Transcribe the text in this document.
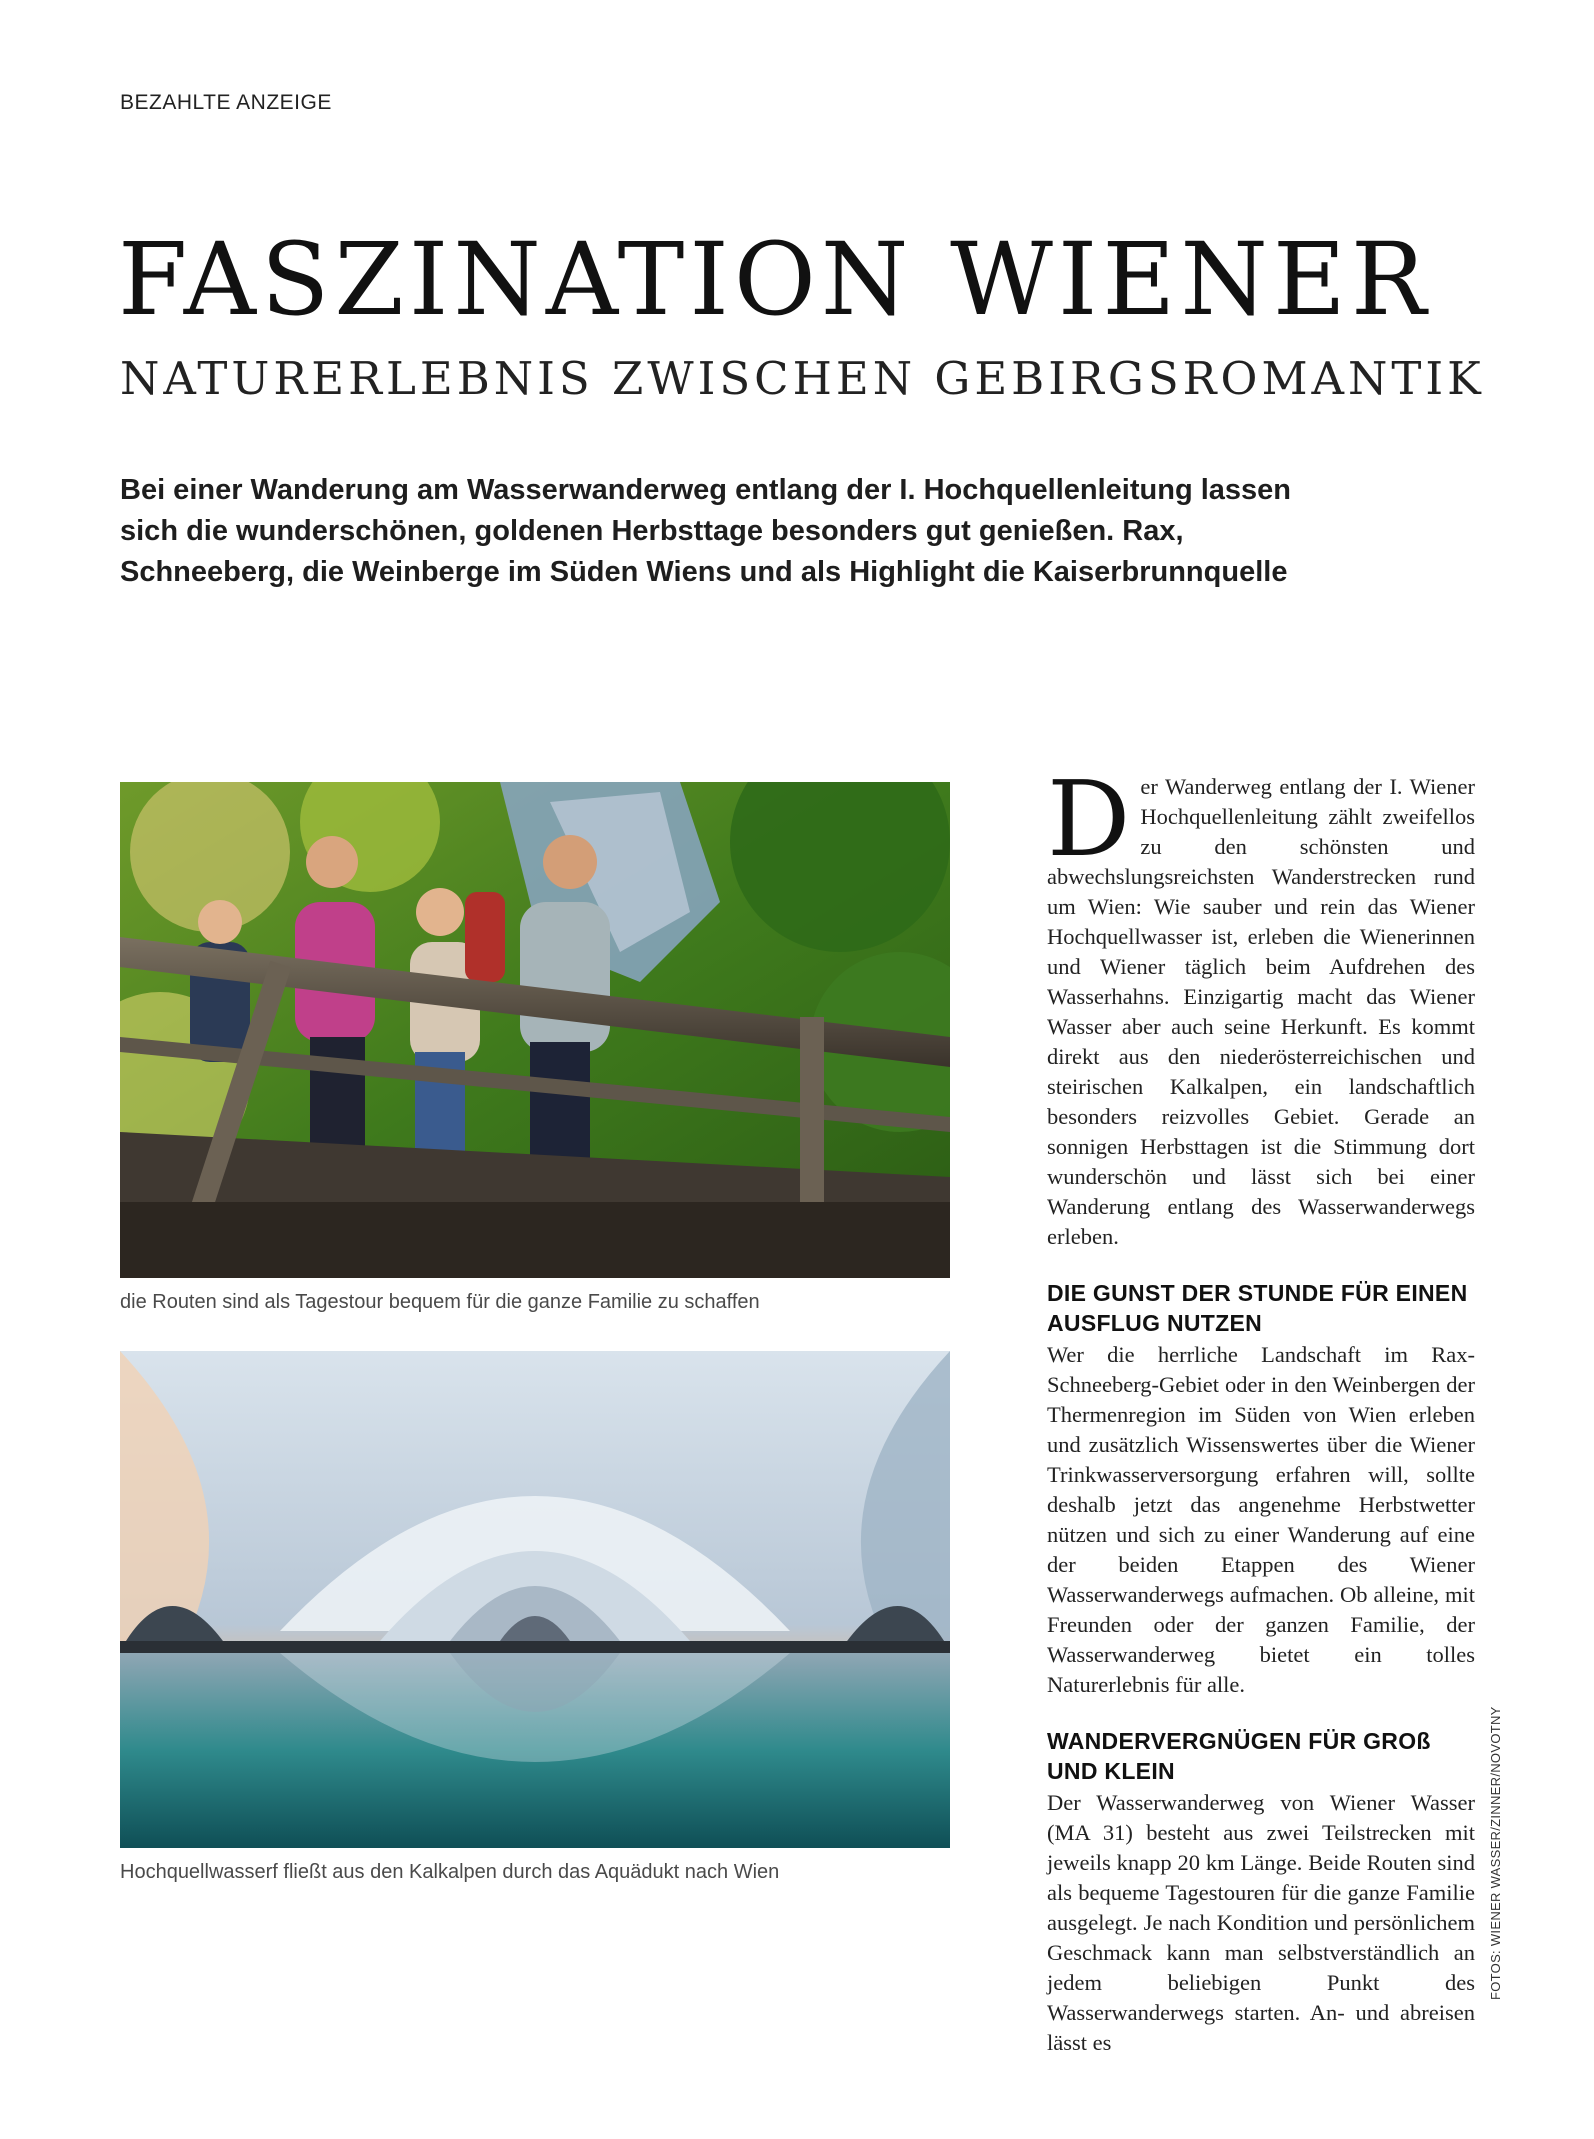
BEZAHLTE ANZEIGE
FASZINATION WIENER
NATURERLEBNIS ZWISCHEN GEBIRGSROMANTIK

Bei einer Wanderung am Wasserwanderweg entlang der I. Hochquellenleitung lassen sich die wunderschönen, goldenen Herbsttage besonders gut genießen. Rax, Schneeberg, die Weinberge im Süden Wiens und als Highlight die Kaiserbrunnquelle

die Routen sind als Tagestour bequem für die ganze Familie zu schaffen

Hochquellwasserf fließt aus den Kalkalpen durch das Aquädukt nach Wien

Der Wanderweg entlang der I. Wiener Hochquellenleitung zählt zweifellos zu den schönsten und abwechslungsreichsten Wanderstrecken rund um Wien: Wie sauber und rein das Wiener Hochquellwasser ist, erleben die Wienerinnen und Wiener täglich beim Aufdrehen des Wasserhahns. Einzigartig macht das Wiener Wasser aber auch seine Herkunft. Es kommt direkt aus den niederösterreichischen und steirischen Kalkalpen, ein landschaftlich besonders reizvolles Gebiet. Gerade an sonnigen Herbsttagen ist die Stimmung dort wunderschön und lässt sich bei einer Wanderung entlang des Wasserwanderwegs erleben.

DIE GUNST DER STUNDE FÜR EINEN AUSFLUG NUTZEN

Wer die herrliche Landschaft im Rax-Schneeberg-Gebiet oder in den Weinbergen der Thermenregion im Süden von Wien erleben und zusätzlich Wissenswertes über die Wiener Trinkwasserversorgung erfahren will, sollte deshalb jetzt das angenehme Herbstwetter nützen und sich zu einer Wanderung auf eine der beiden Etappen des Wiener Wasserwanderwegs aufmachen. Ob alleine, mit Freunden oder der ganzen Familie, der Wasserwanderweg bietet ein tolles Naturerlebnis für alle.

WANDERVERGNÜGEN FÜR GROß UND KLEIN

Der Wasserwanderweg von Wiener Wasser (MA 31) besteht aus zwei Teilstrecken mit jeweils knapp 20 km Länge. Beide Routen sind als bequeme Tagestouren für die ganze Familie ausgelegt. Je nach Kondition und persönlichem Geschmack kann man selbstverständlich an jedem beliebigen Punkt des Wasserwanderwegs starten. An- und abreisen lässt es

FOTOS: WIENER WASSER/ZINNER/NOVOTNY
